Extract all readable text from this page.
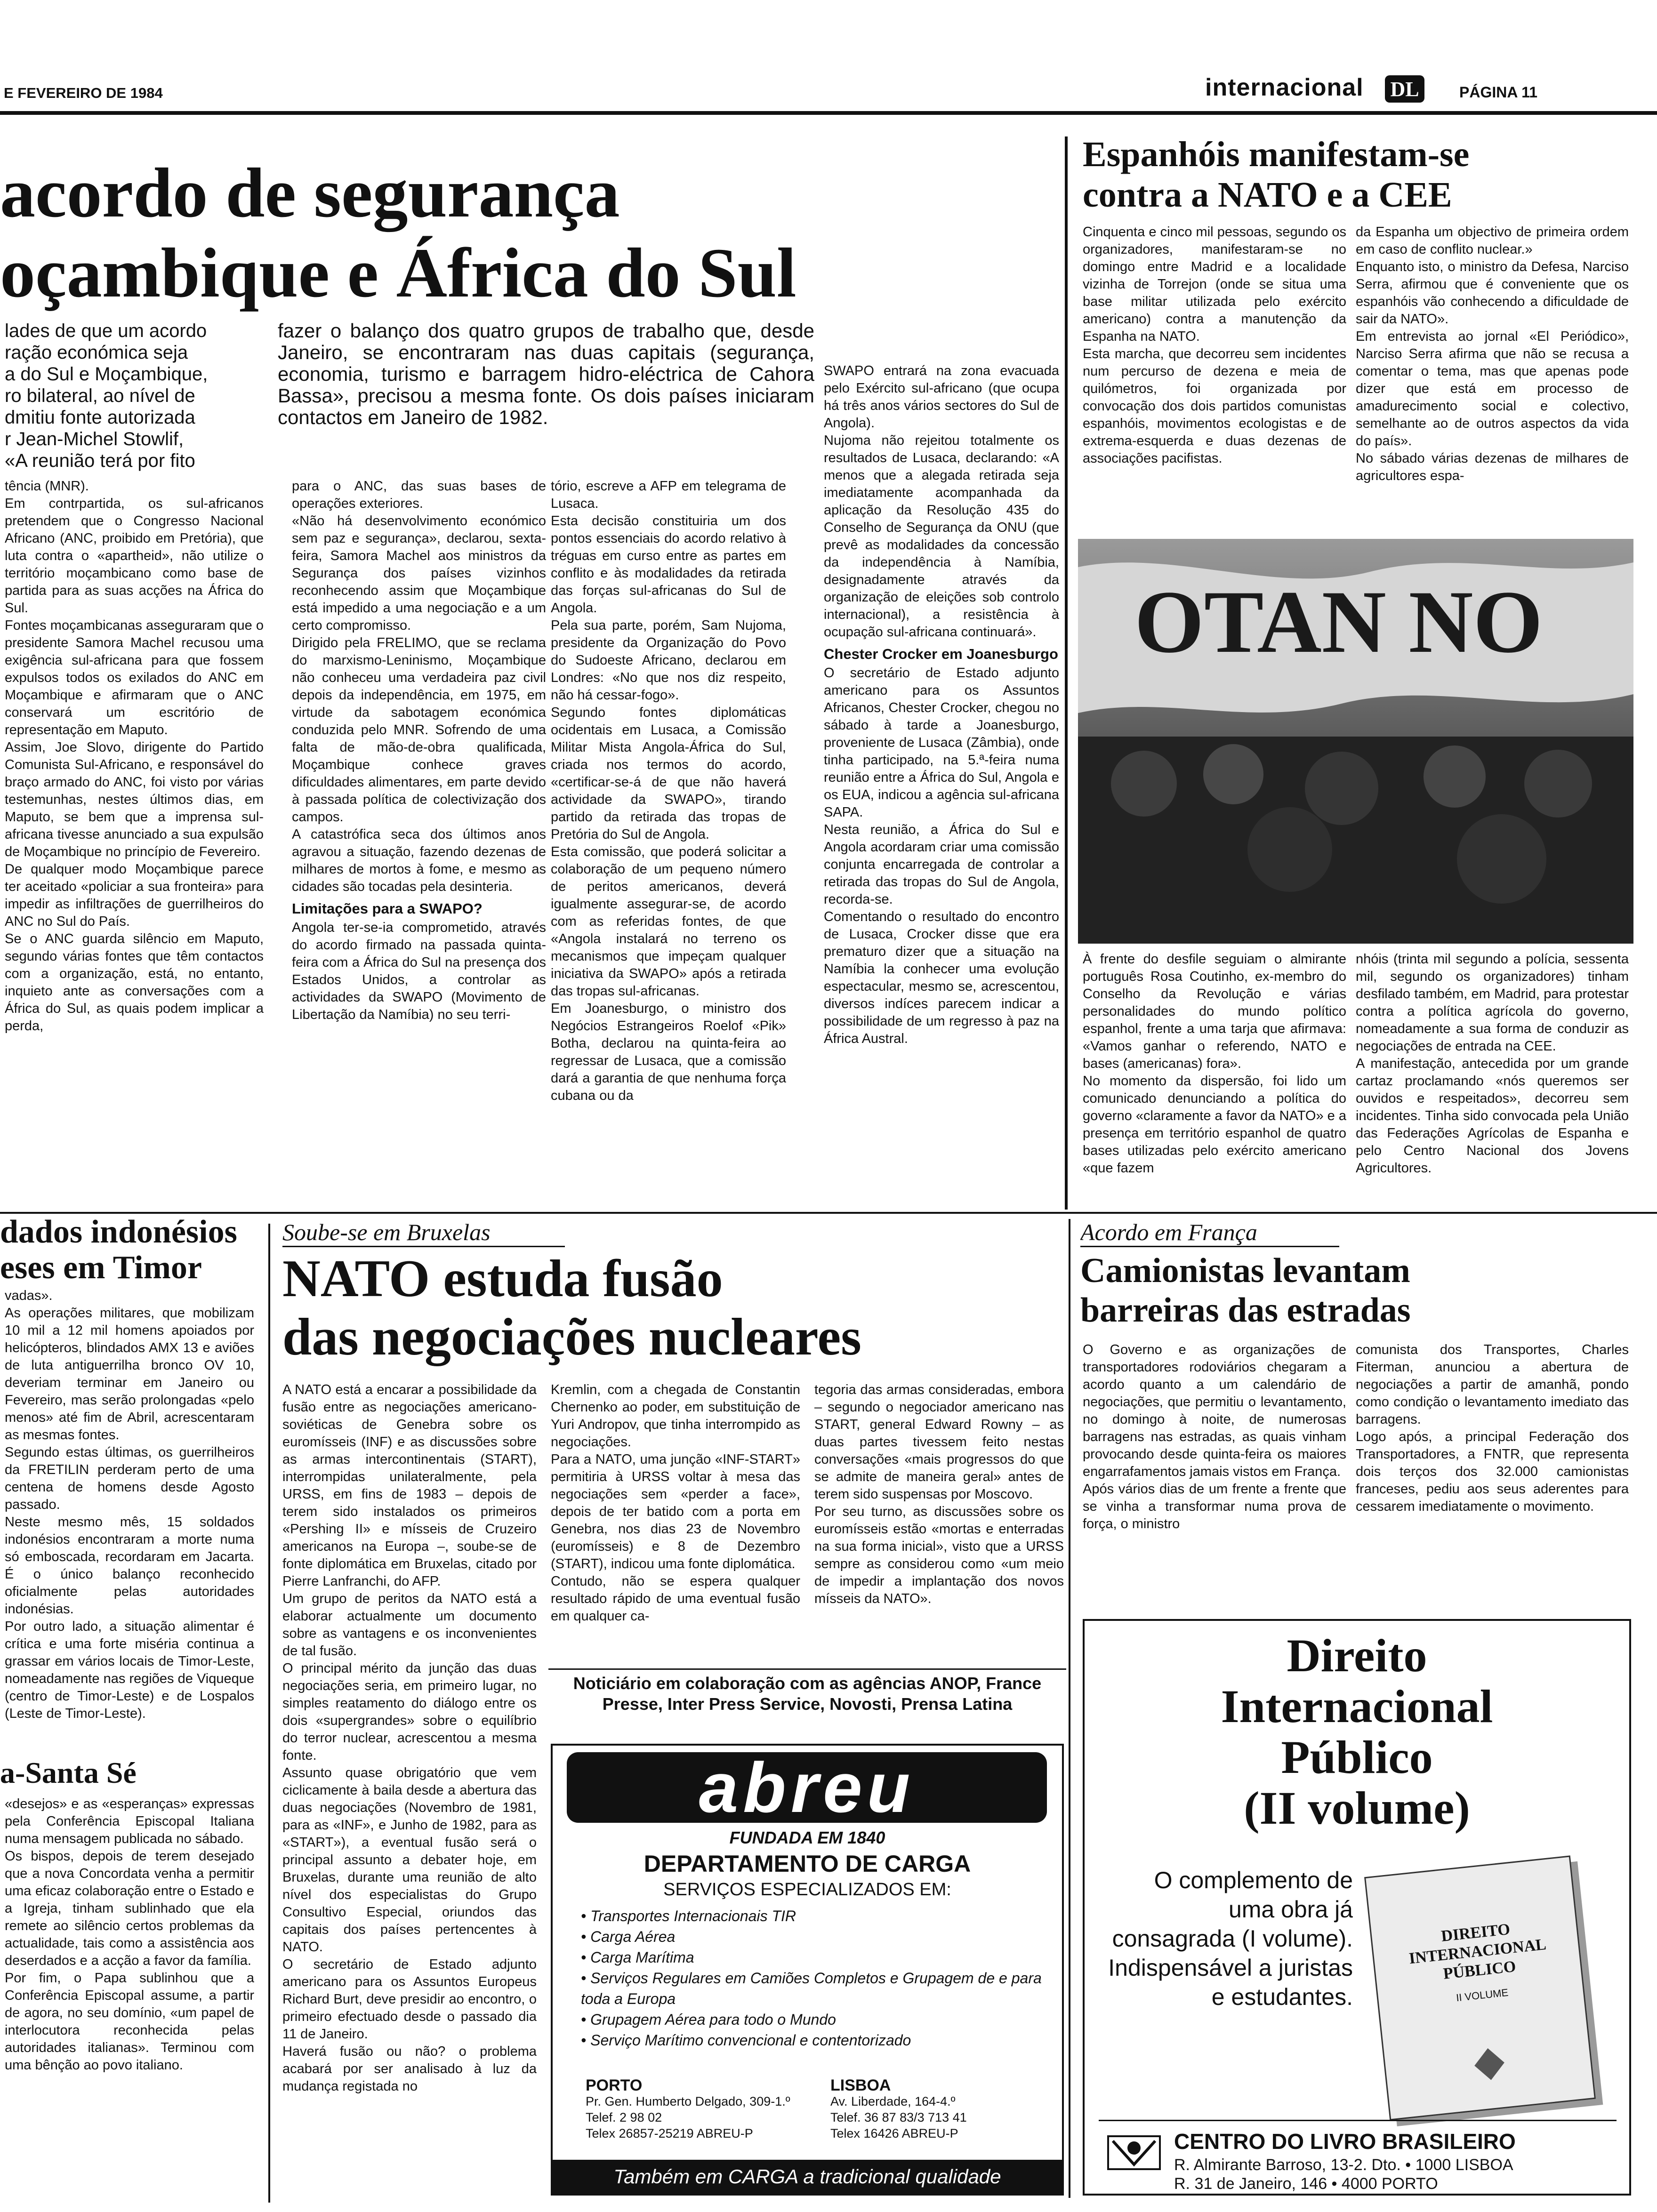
E FEVEREIRO DE 1984	internacional DL	PÁGINA 11
acordo de segurança
oçambique e África do Sul
lades de que um acordo
ração económica seja
a do Sul e Moçambique,
ro bilateral, ao nível de
dmitiu fonte autorizada
r Jean-Michel Stowlif,
«A reunião terá por fito
fazer o balanço dos quatro grupos de trabalho que, desde Janeiro, se encontraram nas duas capitais (segurança, economia, turismo e barragem hidro-eléctrica de Cahora Bassa», precisou a mesma fonte. Os dois países iniciaram contactos em Janeiro de 1982.
tência (MNR).
Em contrpartida, os sul-africanos pretendem que o Congresso Nacional Africano (ANC, proibido em Pretória), que luta contra o «apartheid», não utilize o território moçambicano como base de partida para as suas acções na África do Sul.
Fontes moçambicanas asseguraram que o presidente Samora Machel recusou uma exigência sul-africana para que fossem expulsos todos os exilados do ANC em Moçambique e afirmaram que o ANC conservará um escritório de representação em Maputo.
Assim, Joe Slovo, dirigente do Partido Comunista Sul-Africano, e responsável do braço armado do ANC, foi visto por várias testemunhas, nestes últimos dias, em Maputo, se bem que a imprensa sul-africana tivesse anunciado a sua expulsão de Moçambique no princípio de Fevereiro.
De qualquer modo Moçambique parece ter aceitado «policiar a sua fronteira» para impedir as infiltrações de guerrilheiros do ANC no Sul do País.
Se o ANC guarda silêncio em Maputo, segundo várias fontes que têm contactos com a organização, está, no entanto, inquieto ante as conversações com a África do Sul, as quais podem implicar a perda,
para o ANC, das suas bases de operações exteriores.
«Não há desenvolvimento económico sem paz e segurança», declarou, sexta-feira, Samora Machel aos ministros da Segurança dos países vizinhos reconhecendo assim que Moçambique está impedido a uma negociação e a um certo compromisso.
Dirigido pela FRELIMO, que se reclama do marxismo-Leninismo, Moçambique não conheceu uma verdadeira paz civil depois da independência, em 1975, em virtude da sabotagem económica conduzida pelo MNR. Sofrendo de uma falta de mão-de-obra qualificada, Moçambique conhece graves dificuldades alimentares, em parte devido à passada política de colectivização dos campos.
A catastrófica seca dos últimos anos agravou a situação, fazendo dezenas de milhares de mortos à fome, e mesmo as cidades são tocadas pela desinteria.
Limitações para a SWAPO?
Angola ter-se-ia comprometido, através do acordo firmado na passada quinta-feira com a África do Sul na presença dos Estados Unidos, a controlar as actividades da SWAPO (Movimento de Libertação da Namíbia) no seu terri-
tório, escreve a AFP em telegrama de Lusaca.
Esta decisão constituiria um dos pontos essenciais do acordo relativo à tréguas em curso entre as partes em conflito e às modalidades da retirada das forças sul-africanas do Sul de Angola.
Pela sua parte, porém, Sam Nujoma, presidente da Organização do Povo do Sudoeste Africano, declarou em Londres: «No que nos diz respeito, não há cessar-fogo».
Segundo fontes diplomáticas ocidentais em Lusaca, a Comissão Militar Mista Angola-África do Sul, criada nos termos do acordo, «certificar-se-á de que não haverá actividade da SWAPO», tirando partido da retirada das tropas de Pretória do Sul de Angola.
Esta comissão, que poderá solicitar a colaboração de um pequeno número de peritos americanos, deverá igualmente assegurar-se, de acordo com as referidas fontes, de que «Angola instalará no terreno os mecanismos que impeçam qualquer iniciativa da SWAPO» após a retirada das tropas sul-africanas.
Em Joanesburgo, o ministro dos Negócios Estrangeiros Roelof «Pik» Botha, declarou na quinta-feira ao regressar de Lusaca, que a comissão dará a garantia de que nenhuma força cubana ou da
SWAPO entrará na zona evacuada pelo Exército sul-africano (que ocupa há três anos vários sectores do Sul de Angola).
Nujoma não rejeitou totalmente os resultados de Lusaca, declarando: «A menos que a alegada retirada seja imediatamente acompanhada da aplicação da Resolução 435 do Conselho de Segurança da ONU (que prevê as modalidades da concessão da independência à Namíbia, designadamente através da organização de eleições sob controlo internacional), a resistência à ocupação sul-africana continuará».
Chester Crocker em Joanesburgo
O secretário de Estado adjunto americano para os Assuntos Africanos, Chester Crocker, chegou no sábado à tarde a Joanesburgo, proveniente de Lusaca (Zâmbia), onde tinha participado, na 5.ª-feira numa reunião entre a África do Sul, Angola e os EUA, indicou a agência sul-africana SAPA.
Nesta reunião, a África do Sul e Angola acordaram criar uma comissão conjunta encarregada de controlar a retirada das tropas do Sul de Angola, recorda-se.
Comentando o resultado do encontro de Lusaca, Crocker disse que era prematuro dizer que a situação na Namíbia la conhecer uma evolução espectacular, mesmo se, acrescentou, diversos indíces parecem indicar a possibilidade de um regresso à paz na África Austral.
Espanhóis manifestam-se
contra a NATO e a CEE
Cinquenta e cinco mil pessoas, segundo os organizadores, manifestaram-se no domingo entre Madrid e a localidade vizinha de Torrejon (onde se situa uma base militar utilizada pelo exército americano) contra a manutenção da Espanha na NATO.
Esta marcha, que decorreu sem incidentes num percurso de dezena e meia de quilómetros, foi organizada por convocação dos dois partidos comunistas espanhóis, movimentos ecologistas e de extrema-esquerda e duas dezenas de associações pacifistas.
da Espanha um objectivo de primeira ordem em caso de conflito nuclear.»
Enquanto isto, o ministro da Defesa, Narciso Serra, afirmou que é conveniente que os espanhóis vão conhecendo a dificuldade de sair da NATO».
Em entrevista ao jornal «El Periódico», Narciso Serra afirma que não se recusa a comentar o tema, mas que apenas pode dizer que está em processo de amadurecimento social e colectivo, semelhante ao de outros aspectos da vida do país».
No sábado várias dezenas de milhares de agricultores espa-
OTAN NO
À frente do desfile seguiam o almirante português Rosa Coutinho, ex-membro do Conselho da Revolução e várias personalidades do mundo político espanhol, frente a uma tarja que afirmava: «Vamos ganhar o referendo, NATO e bases (americanas) fora».
No momento da dispersão, foi lido um comunicado denunciando a política do governo «claramente a favor da NATO» e a presença em território espanhol de quatro bases utilizadas pelo exército americano «que fazem
nhóis (trinta mil segundo a polícia, sessenta mil, segundo os organizadores) tinham desfilado também, em Madrid, para protestar contra a política agrícola do governo, nomeadamente a sua forma de conduzir as negociações de entrada na CEE.
A manifestação, antecedida por um grande cartaz proclamando «nós queremos ser ouvidos e respeitados», decorreu sem incidentes. Tinha sido convocada pela União das Federações Agrícolas de Espanha e pelo Centro Nacional dos Jovens Agricultores.
dados indonésios
eses em Timor
vadas».
As operações militares, que mobilizam 10 mil a 12 mil homens apoiados por helicópteros, blindados AMX 13 e aviões de luta antiguerrilha bronco OV 10, deveriam terminar em Janeiro ou Fevereiro, mas serão prolongadas «pelo menos» até fim de Abril, acrescentaram as mesmas fontes.
Segundo estas últimas, os guerrilheiros da FRETILIN perderam perto de uma centena de homens desde Agosto passado.
Neste mesmo mês, 15 soldados indonésios encontraram a morte numa só emboscada, recordaram em Jacarta. É o único balanço reconhecido oficialmente pelas autoridades indonésias.
Por outro lado, a situação alimentar é crítica e uma forte miséria continua a grassar em vários locais de Timor-Leste, nomeadamente nas regiões de Viqueque (centro de Timor-Leste) e de Lospalos (Leste de Timor-Leste).
a-Santa Sé
«desejos» e as «esperanças» expressas pela Conferência Episcopal Italiana numa mensagem publicada no sábado.
Os bispos, depois de terem desejado que a nova Concordata venha a permitir uma eficaz colaboração entre o Estado e a Igreja, tinham sublinhado que ela remete ao silêncio certos problemas da actualidade, tais como a assistência aos deserdados e a acção a favor da família.
Por fim, o Papa sublinhou que a Conferência Episcopal assume, a partir de agora, no seu domínio, «um papel de interlocutora reconhecida pelas autoridades italianas». Terminou com uma bênção ao povo italiano.
Soube-se em Bruxelas
NATO estuda fusão
das negociações nucleares
A NATO está a encarar a possibilidade da fusão entre as negociações americano-soviéticas de Genebra sobre os euromísseis (INF) e as discussões sobre as armas intercontinentais (START), interrompidas unilateralmente, pela URSS, em fins de 1983 – depois de terem sido instalados os primeiros «Pershing II» e mísseis de Cruzeiro americanos na Europa –, soube-se de fonte diplomática em Bruxelas, citado por Pierre Lanfranchi, do AFP.
Um grupo de peritos da NATO está a elaborar actualmente um documento sobre as vantagens e os inconvenientes de tal fusão.
O principal mérito da junção das duas negociações seria, em primeiro lugar, no simples reatamento do diálogo entre os dois «supergrandes» sobre o equilíbrio do terror nuclear, acrescentou a mesma fonte.
Assunto quase obrigatório que vem ciclicamente à baila desde a abertura das duas negociações (Novembro de 1981, para as «INF», e Junho de 1982, para as «START»), a eventual fusão será o principal assunto a debater hoje, em Bruxelas, durante uma reunião de alto nível dos especialistas do Grupo Consultivo Especial, oriundos das capitais dos países pertencentes à NATO.
O secretário de Estado adjunto americano para os Assuntos Europeus Richard Burt, deve presidir ao encontro, o primeiro efectuado desde o passado dia 11 de Janeiro.
Haverá fusão ou não? o problema acabará por ser analisado à luz da mudança registada no
Kremlin, com a chegada de Constantin Chernenko ao poder, em substituição de Yuri Andropov, que tinha interrompido as negociações.
Para a NATO, uma junção «INF-START» permitiria à URSS voltar à mesa das negociações sem «perder a face», depois de ter batido com a porta em Genebra, nos dias 23 de Novembro (euromísseis) e 8 de Dezembro (START), indicou uma fonte diplomática.
Contudo, não se espera qualquer resultado rápido de uma eventual fusão em qualquer ca-
tegoria das armas consideradas, embora – segundo o negociador americano nas START, general Edward Rowny – as duas partes tivessem feito nestas conversações «mais progressos do que se admite de maneira geral» antes de terem sido suspensas por Moscovo.
Por seu turno, as discussões sobre os euromísseis estão «mortas e enterradas na sua forma inicial», visto que a URSS sempre as considerou como «um meio de impedir a implantação dos novos mísseis da NATO».
Noticiário em colaboração com as agências ANOP, France Presse, Inter Press Service, Novosti, Prensa Latina
abreu
FUNDADA EM 1840
DEPARTAMENTO DE CARGA
SERVIÇOS ESPECIALIZADOS EM:
• Transportes Internacionais TIR
• Carga Aérea
• Carga Marítima
• Serviços Regulares em Camiões Completos e Grupagem de e para toda a Europa
• Grupagem Aérea para todo o Mundo
• Serviço Marítimo convencional e contentorizado
PORTO
Pr. Gen. Humberto Delgado, 309-1.º
Telef. 2 98 02
Telex 26857-25219 ABREU-P
LISBOA
Av. Liberdade, 164-4.º
Telef. 36 87 83/3 713 41
Telex 16426 ABREU-P
Também em CARGA a tradicional qualidade
Acordo em França
Camionistas levantam
barreiras das estradas
O Governo e as organizações de transportadores rodoviários chegaram a acordo quanto a um calendário de negociações, que permitiu o levantamento, no domingo à noite, de numerosas barragens nas estradas, as quais vinham provocando desde quinta-feira os maiores engarrafamentos jamais vistos em França.
Após vários dias de um frente a frente que se vinha a transformar numa prova de força, o ministro
comunista dos Transportes, Charles Fiterman, anunciou a abertura de negociações a partir de amanhã, pondo como condição o levantamento imediato das barragens.
Logo após, a principal Federação dos Transportadores, a FNTR, que representa dois terços dos 32.000 camionistas franceses, pediu aos seus aderentes para cessarem imediatamente o movimento.
Direito
Internacional
Público
(II volume)
O complemento de uma obra já consagrada (I volume). Indispensável a juristas e estudantes.
DIREITO INTERNACIONAL PÚBLICO
II VOLUME
CENTRO DO LIVRO BRASILEIRO
R. Almirante Barroso, 13-2. Dto. • 1000 LISBOA
R. 31 de Janeiro, 146 • 4000 PORTO
